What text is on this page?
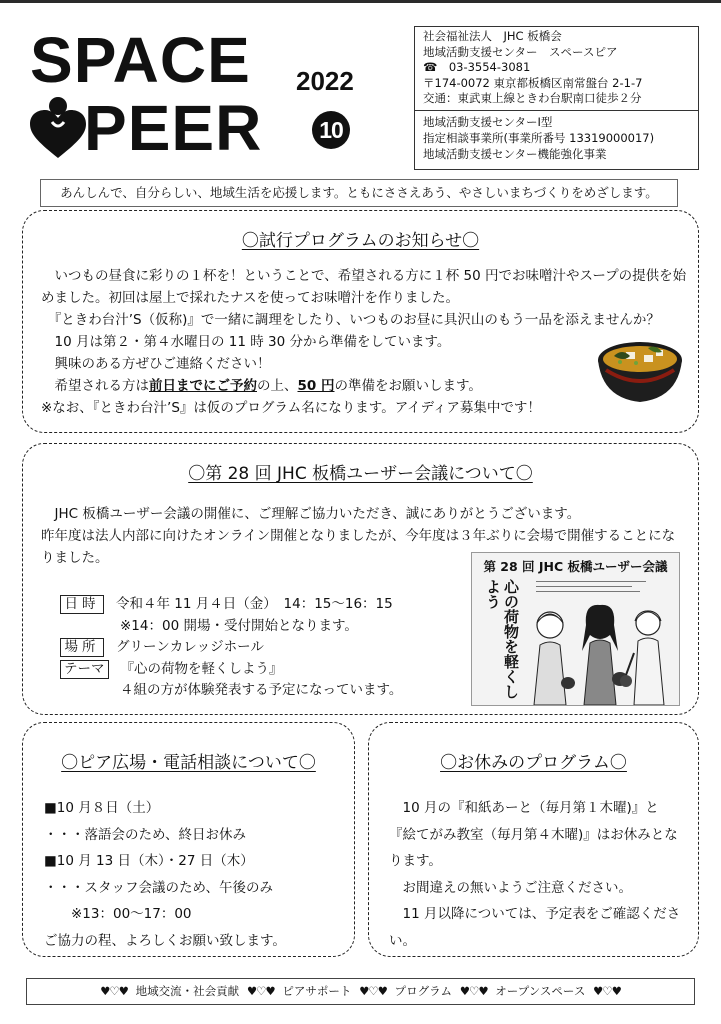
SPACE
PEER
2022
10
社会福祉法人　JHC 板橋会
地域活動支援センター　スペースピア
☎　03-3554-3081
〒174-0072 東京都板橋区南常盤台 2-1-7
交通：東武東上線ときわ台駅南口徒歩２分
地域活動支援センターⅠ型
指定相談事業所(事業所番号 13319000017)
地域活動支援センター機能強化事業
あんしんで、自分らしい、地域生活を応援します。ともにささえあう、やさしいまちづくりをめざします。
〇試行プログラムのお知らせ〇

　いつもの昼食に彩りの１杯を！ということで、希望される方に１杯 50 円でお味噌汁やスープの提供を始めました。初回は屋上で採れたナスを使ってお味噌汁を作りました。

　『ときわ台汁’S（仮称)』で一緒に調理をしたり、いつものお昼に具沢山のもう一品を添えませんか？

　10 月は第２・第４水曜日の 11 時 30 分から準備をしています。

　興味のある方ぜひご連絡ください！

　希望される方は前日までにご予約の上、50 円の準備をお願いします。

※なお、『ときわ台汁’S』は仮のプログラム名になります。アイディア募集中です！

〇第 28 回 JHC 板橋ユーザー会議について〇

　JHC 板橋ユーザー会議の開催に、ご理解ご協力いただき、誠にありがとうございます。

昨年度は法人内部に向けたオンライン開催となりましたが、今年度は３年ぶりに会場で開催することになりました。

日時 令和４年 11 月４日（金）　14：15〜16：15
※14：00 開場・受付開始となります。
場所 グリーンカレッジホール
テーマ 『心の荷物を軽くしよう』
４組の方が体験発表する予定になっています。
第 28 回 JHC 板橋ユーザー会議
心の荷物を軽くしよう
〇ピア広場・電話相談について〇
■10 月８日（土）
・・・落語会のため、終日お休み
■10 月 13 日（木）・27 日（木）
・・・スタッフ会議のため、午後のみ
　　※13：00〜17：00
ご協力の程、よろしくお願い致します。
〇お休みのプログラム〇
　10 月の『和紙あーと（毎月第１木曜)』と『絵てがみ教室（毎月第４木曜)』はお休みとなります。
　お間違えの無いようご注意ください。
　11 月以降については、予定表をご確認ください。
♥♡♥ 地域交流・社会貢献 ♥♡♥ ピアサポート ♥♡♥ プログラム ♥♡♥ オープンスペース ♥♡♥
